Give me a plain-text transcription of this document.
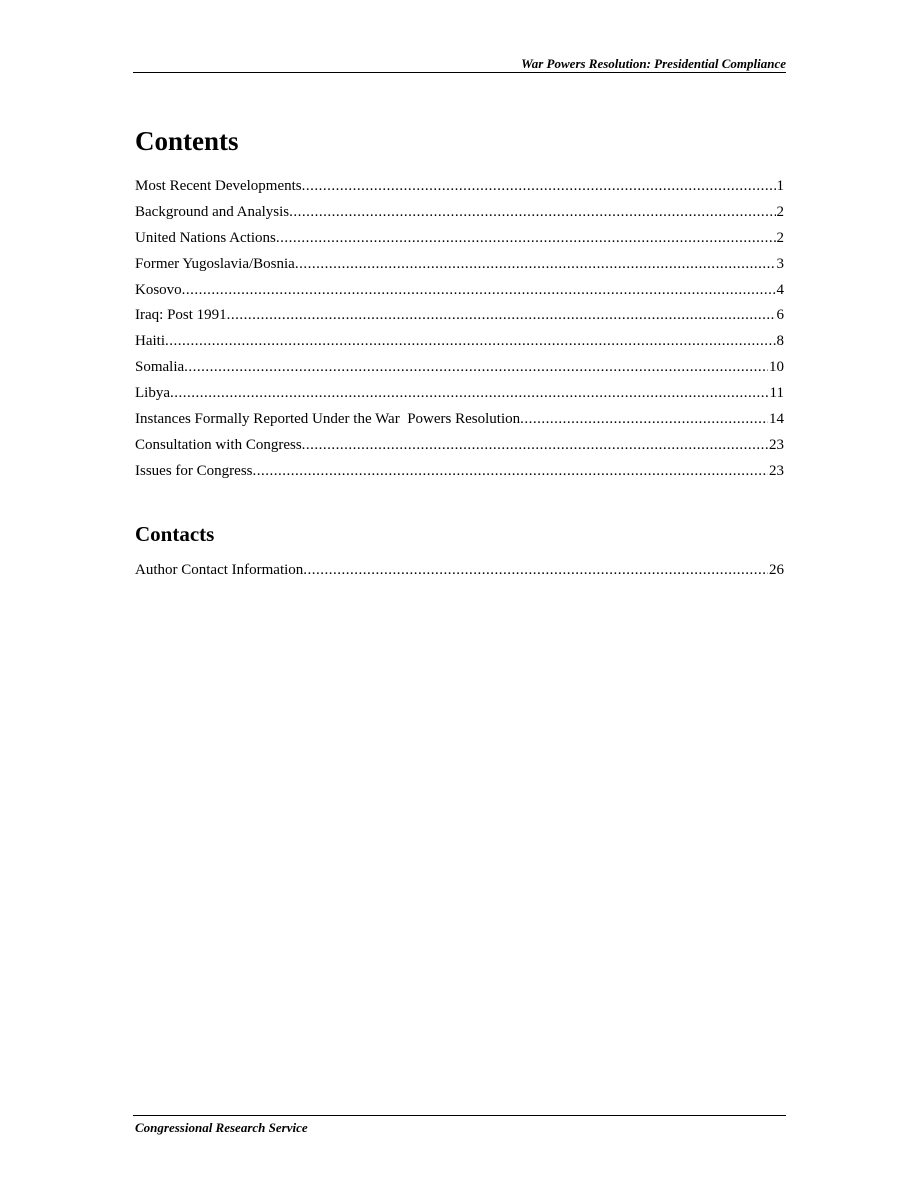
War Powers Resolution: Presidential Compliance
Contents
Most Recent Developments .....	1
Background and Analysis .....	2
United Nations Actions .....	2
Former Yugoslavia/Bosnia .....	3
Kosovo .....	4
Iraq: Post 1991 .....	6
Haiti .....	8
Somalia .....	10
Libya .....	11
Instances Formally Reported Under the War  Powers Resolution .....	14
Consultation with Congress .....	23
Issues for Congress .....	23
Contacts
Author Contact Information .....	26
Congressional Research Service
